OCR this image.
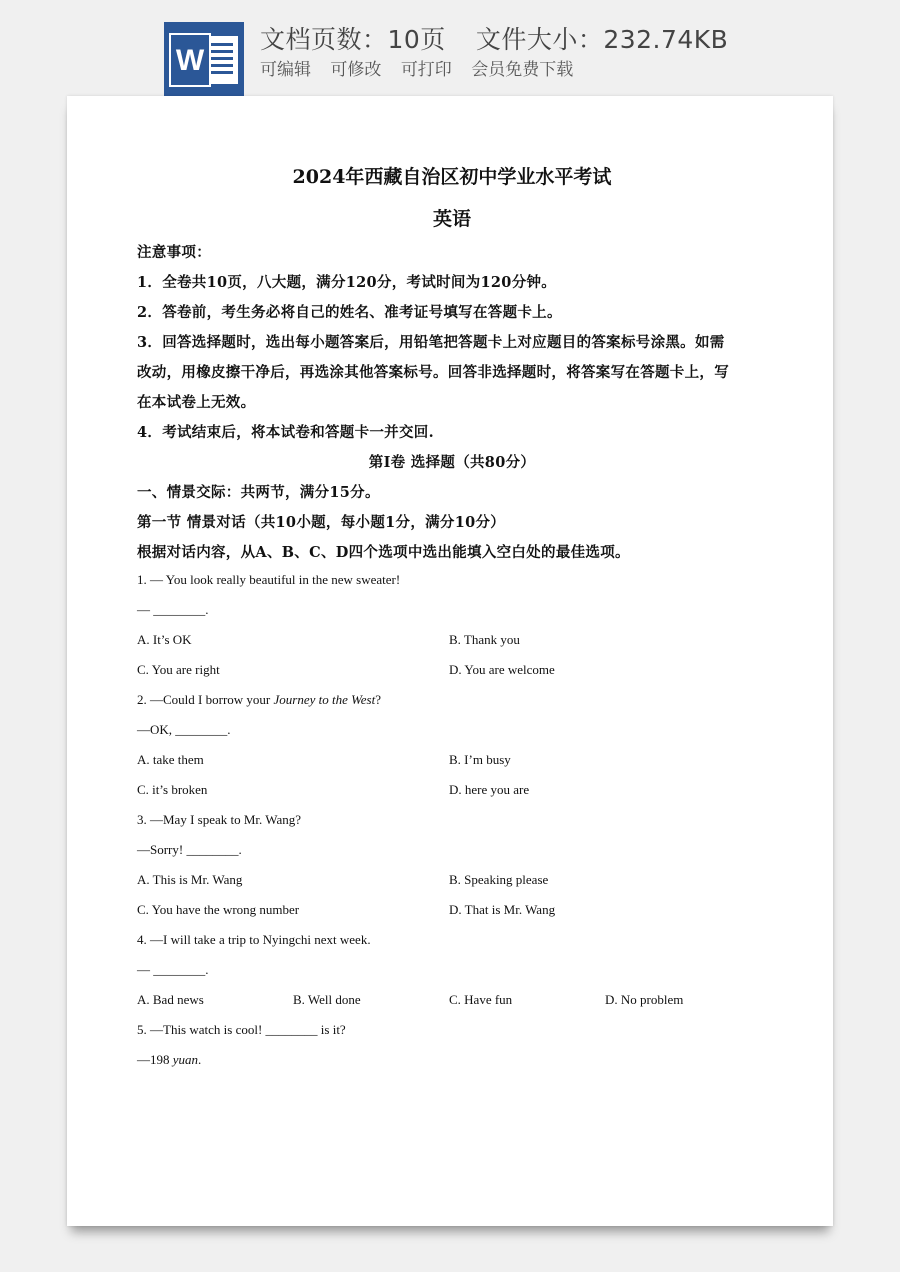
W
文档页数：10页 文件大小：232.74KB
可编辑 可修改 可打印 会员免费下载
2024年西藏自治区初中学业水平考试
英语
注意事项：
1．全卷共10页，八大题，满分120分，考试时间为120分钟。
2．答卷前，考生务必将自己的姓名、准考证号填写在答题卡上。
3．回答选择题时，选出每小题答案后，用铅笔把答题卡上对应题目的答案标号涂黑。如需
改动，用橡皮擦干净后，再选涂其他答案标号。回答非选择题时，将答案写在答题卡上，写
在本试卷上无效。
4．考试结束后，将本试卷和答题卡一并交回.
第Ⅰ卷 选择题（共80分）
一、情景交际：共两节，满分15分。
第一节 情景对话（共10小题，每小题1分，满分10分）
根据对话内容，从A、B、C、D四个选项中选出能填入空白处的最佳选项。
1. — You look really beautiful in the new sweater!
— ________.
A. It’s OK	B. Thank you
C. You are right	D. You are welcome
2. —Could I borrow your Journey to the West?
—OK, ________.
A. take them	B. I’m busy
C. it’s broken	D. here you are
3. —May I speak to Mr. Wang?
—Sorry! ________.
A. This is Mr. Wang	B. Speaking please
C. You have the wrong number	D. That is Mr. Wang
4. —I will take a trip to Nyingchi next week.
— ________.
A. Bad news	B. Well done	C. Have fun	D. No problem
5. —This watch is cool! ________ is it?
—198 yuan.
